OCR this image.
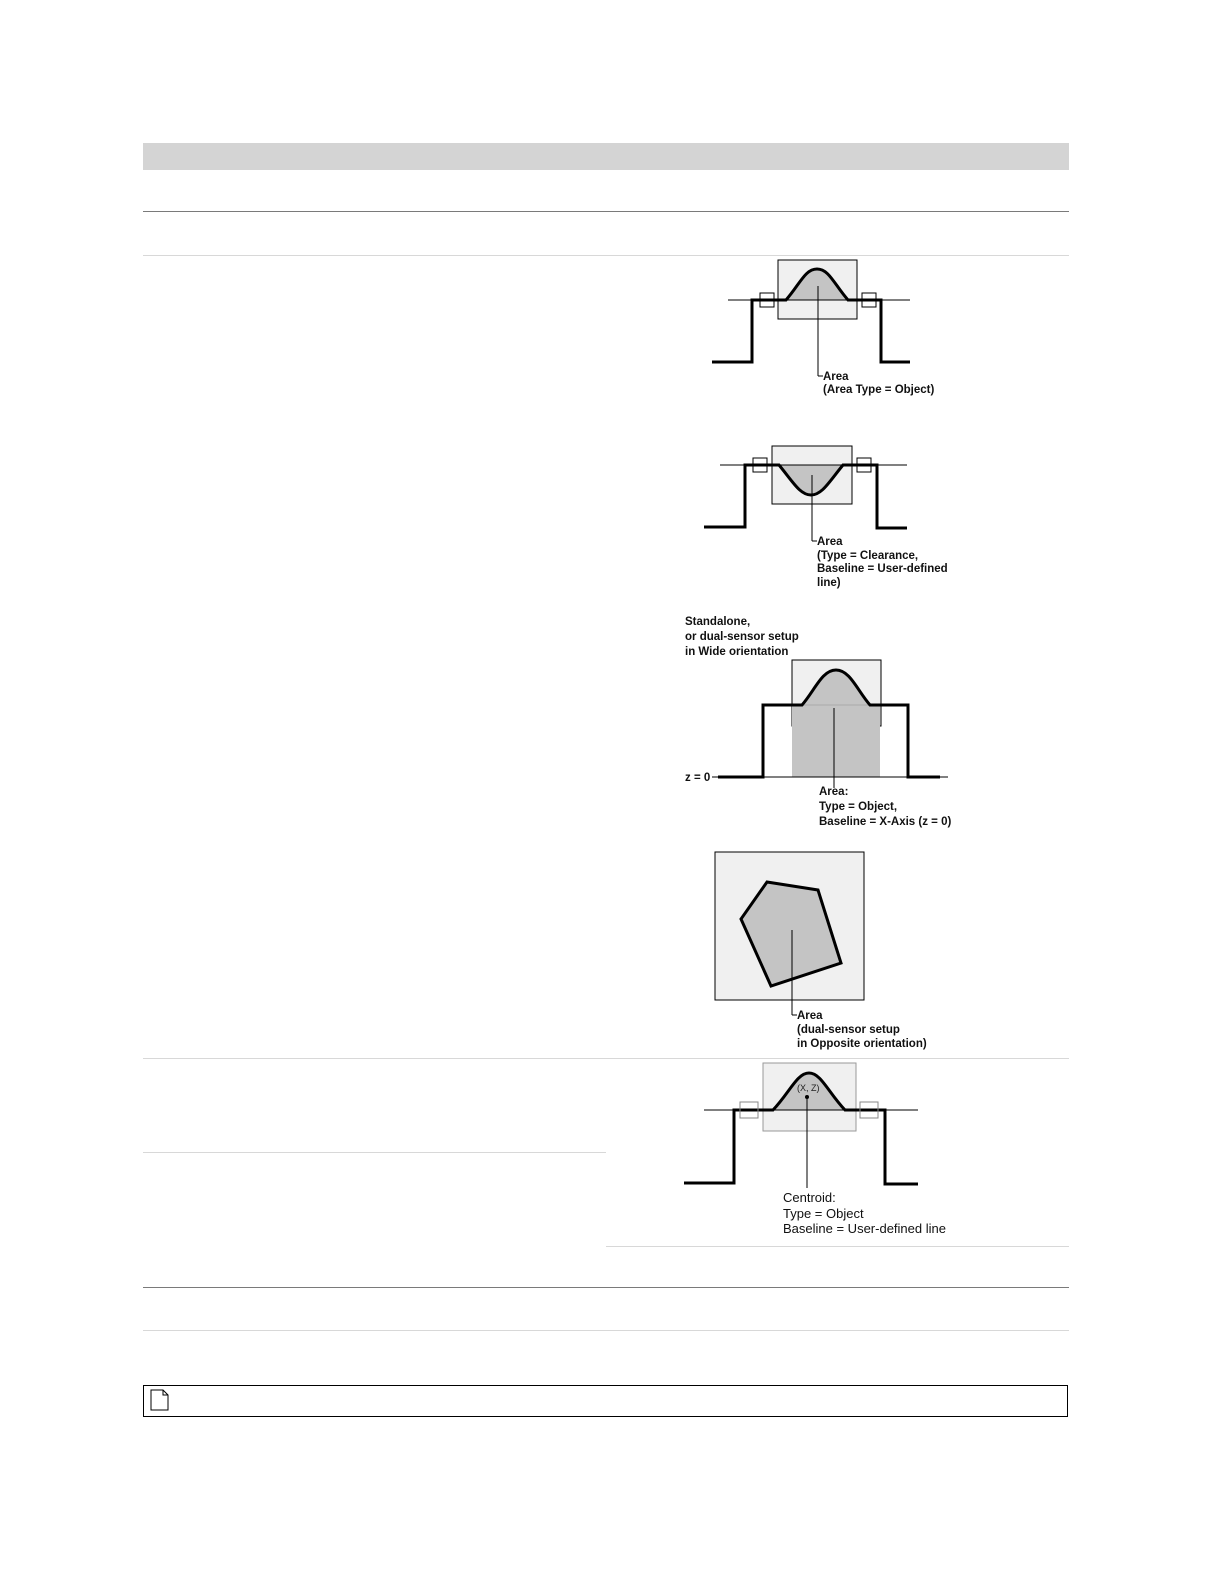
Area
(Area Type = Object)
Area
(Type = Clearance,
Baseline = User-defined
line)
Standalone,
or dual-sensor setup
in Wide orientation
z = 0
Area:
Type = Object,
Baseline = X-Axis (z = 0)
Area
(dual-sensor setup
in Opposite orientation)
(X, Z)
Centroid:
Type = Object
Baseline = User-defined line
